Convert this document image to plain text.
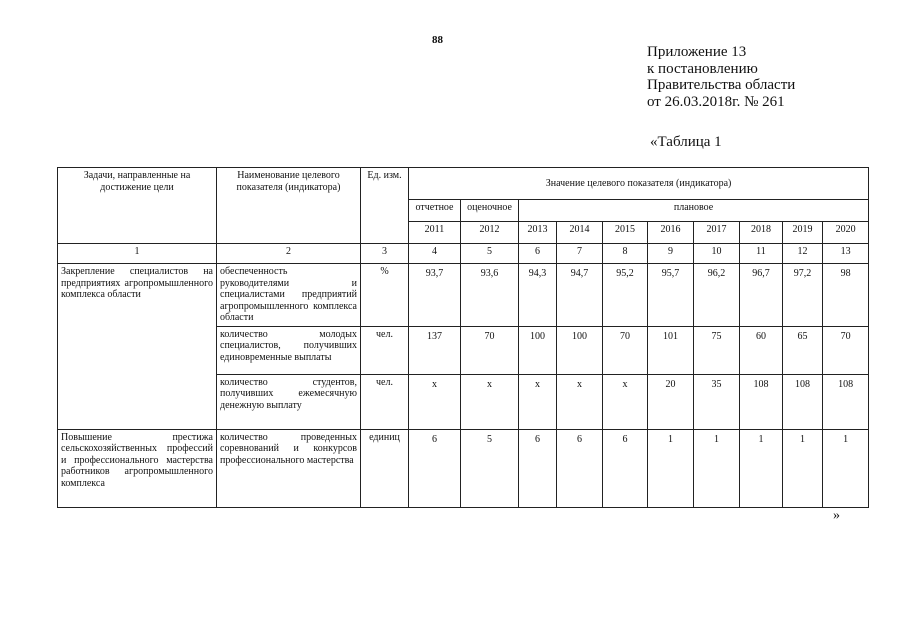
88
Приложение 13
к постановлению
Правительства области
от 26.03.2018г. № 261
«Таблица 1
Задачи, направленные на достижение цели	Наименование целевого показателя (индикатора)	Ед. изм.	Значение целевого показателя (индикатора)									
			отчетное	оценочное	плановое							
			2011	2012	2013	2014	2015	2016	2017	2018	2019	2020
1	2	3	4	5	6	7	8	9	10	11	12	13
Закрепление специалистов на предприятиях агропромышленного комплекса области	обеспеченность руководителями и специалистами предприятий агропромышленного комплекса области	%	93,7	93,6	94,3	94,7	95,2	95,7	96,2	96,7	97,2	98
	количество молодых специалистов, получивших единовременные выплаты	чел.	137	70	100	100	70	101	75	60	65	70
	количество студентов, получивших ежемесячную денежную выплату	чел.	х	х	х	х	х	20	35	108	108	108
Повышение престижа сельскохозяйственных профессий и профессионального мастерства работников агропромышленного комплекса	количество проведенных соревнований и конкурсов профессионального мастерства	единиц	6	5	6	6	6	1	1	1	1	1
»
